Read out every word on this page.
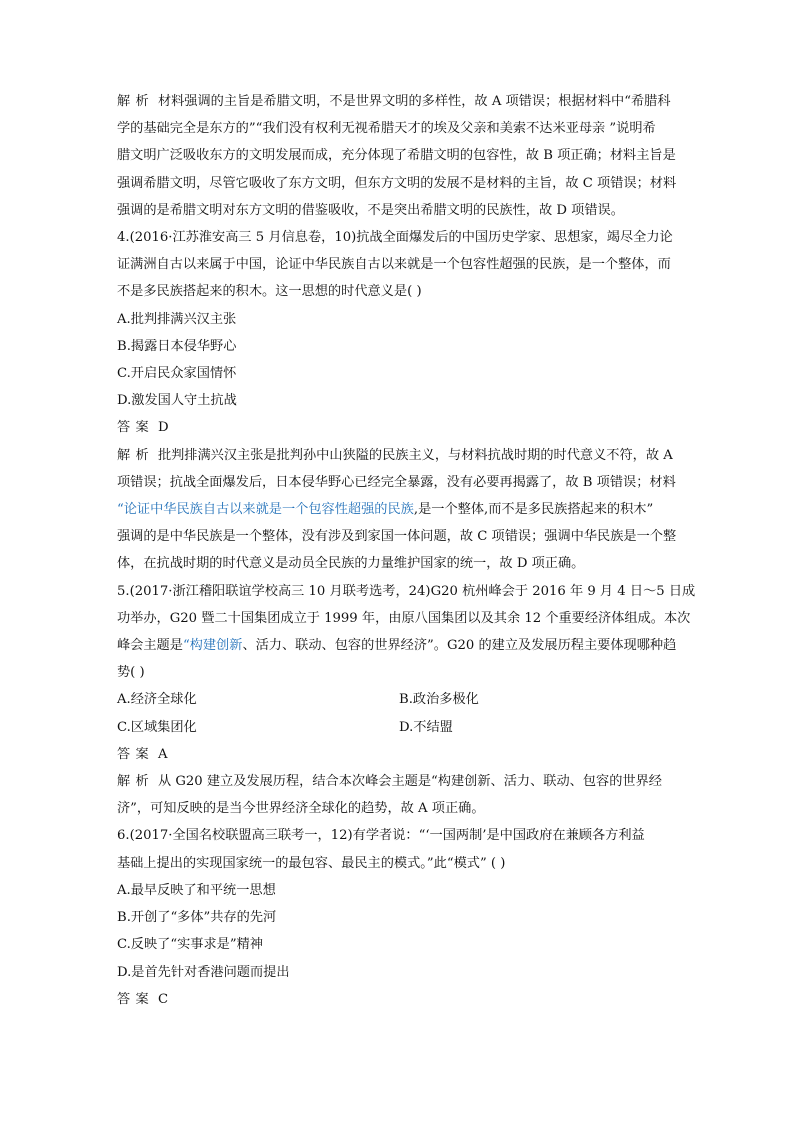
解析 材料强调的主旨是希腊文明，不是世界文明的多样性，故 A 项错误；根据材料中“希腊科
学的基础完全是东方的”“我们没有权利无视希腊天才的埃及父亲和美索不达米亚母亲 ”说明希
腊文明广泛吸收东方的文明发展而成，充分体现了希腊文明的包容性，故 B 项正确；材料主旨是
强调希腊文明，尽管它吸收了东方文明，但东方文明的发展不是材料的主旨，故 C 项错误；材料
强调的是希腊文明对东方文明的借鉴吸收，不是突出希腊文明的民族性，故 D 项错误。
4.(2016·江苏淮安高三 5 月信息卷，10)抗战全面爆发后的中国历史学家、思想家，竭尽全力论
证满洲自古以来属于中国，论证中华民族自古以来就是一个包容性超强的民族，是一个整体，而
不是多民族搭起来的积木。这一思想的时代意义是( )
A.批判排满兴汉主张
B.揭露日本侵华野心
C.开启民众家国情怀
D.激发国人守土抗战
答案 D
解析 批判排满兴汉主张是批判孙中山狭隘的民族主义，与材料抗战时期的时代意义不符，故 A
项错误；抗战全面爆发后，日本侵华野心已经完全暴露，没有必要再揭露了，故 B 项错误；材料
“论证中华民族自古以来就是一个包容性超强的民族,是一个整体,而不是多民族搭起来的积木”
强调的是中华民族是一个整体，没有涉及到家国一体问题，故 C 项错误；强调中华民族是一个整
体，在抗战时期的时代意义是动员全民族的力量维护国家的统一，故 D 项正确。
5.(2017·浙江稽阳联谊学校高三 10 月联考选考，24)G20 杭州峰会于 2016 年 9 月 4 日～5 日成
功举办，G20 暨二十国集团成立于 1999 年，由原八国集团以及其余 12 个重要经济体组成。本次
峰会主题是“构建创新、活力、联动、包容的世界经济”。G20 的建立及发展历程主要体现哪种趋
势( )
A.经济全球化	B.政治多极化
C.区域集团化	D.不结盟
答案 A
解析 从 G20 建立及发展历程，结合本次峰会主题是“构建创新、活力、联动、包容的世界经
济”，可知反映的是当今世界经济全球化的趋势，故 A 项正确。
6.(2017·全国名校联盟高三联考一，12)有学者说：“‘一国两制’是中国政府在兼顾各方利益
基础上提出的实现国家统一的最包容、最民主的模式。”此“模式” ( )
A.最早反映了和平统一思想
B.开创了“多体”共存的先河
C.反映了“实事求是”精神
D.是首先针对香港问题而提出
答案 C
